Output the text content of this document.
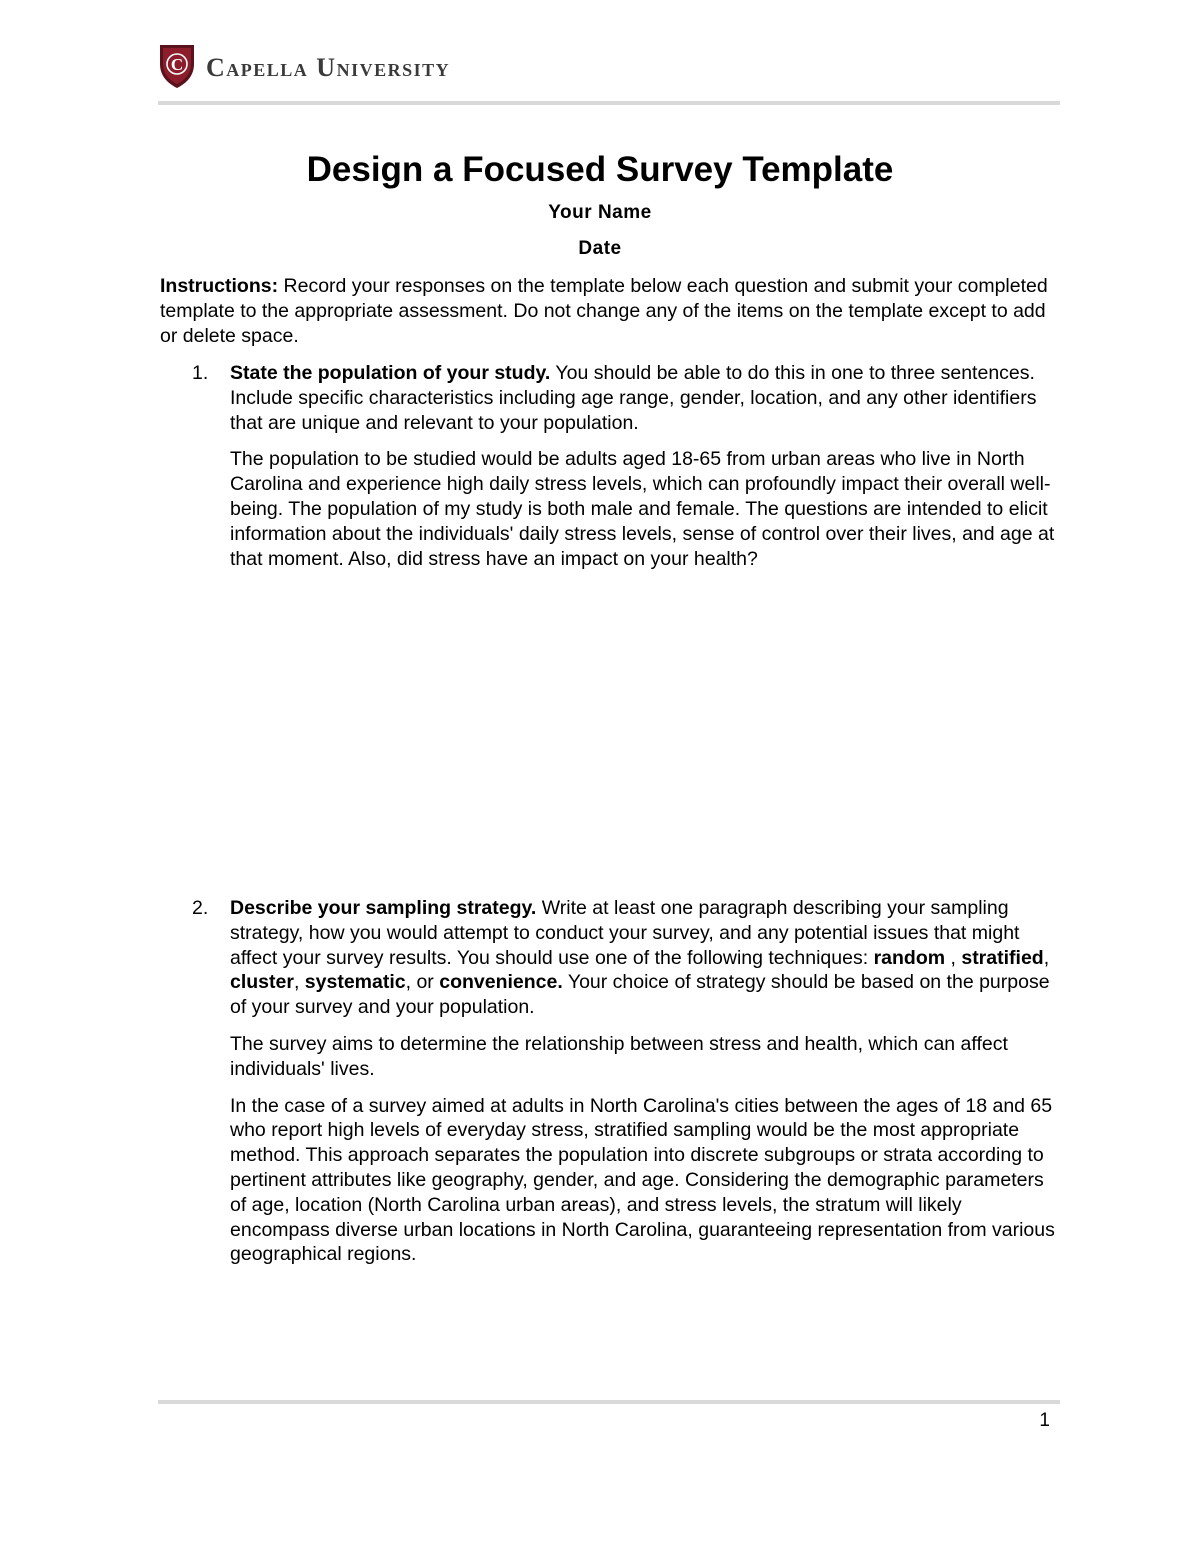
C Capella University
Design a Focused Survey Template
Your Name
Date

Instructions: Record your responses on the template below each question and submit your completed template to the appropriate assessment. Do not change any of the items on the template except to add or delete space.

1. State the population of your study. You should be able to do this in one to three sentences. Include specific characteristics including age range, gender, location, and any other identifiers that are unique and relevant to your population.

The population to be studied would be adults aged 18-65 from urban areas who live in North Carolina and experience high daily stress levels, which can profoundly impact their overall well-being. The population of my study is both male and female. The questions are intended to elicit information about the individuals' daily stress levels, sense of control over their lives, and age at that moment. Also, did stress have an impact on your health?

2. Describe your sampling strategy. Write at least one paragraph describing your sampling strategy, how you would attempt to conduct your survey, and any potential issues that might affect your survey results. You should use one of the following techniques: random , stratified, cluster, systematic, or convenience. Your choice of strategy should be based on the purpose of your survey and your population.

The survey aims to determine the relationship between stress and health, which can affect individuals' lives.

In the case of a survey aimed at adults in North Carolina's cities between the ages of 18 and 65 who report high levels of everyday stress, stratified sampling would be the most appropriate method. This approach separates the population into discrete subgroups or strata according to pertinent attributes like geography, gender, and age. Considering the demographic parameters of age, location (North Carolina urban areas), and stress levels, the stratum will likely encompass diverse urban locations in North Carolina, guaranteeing representation from various geographical regions.

1
